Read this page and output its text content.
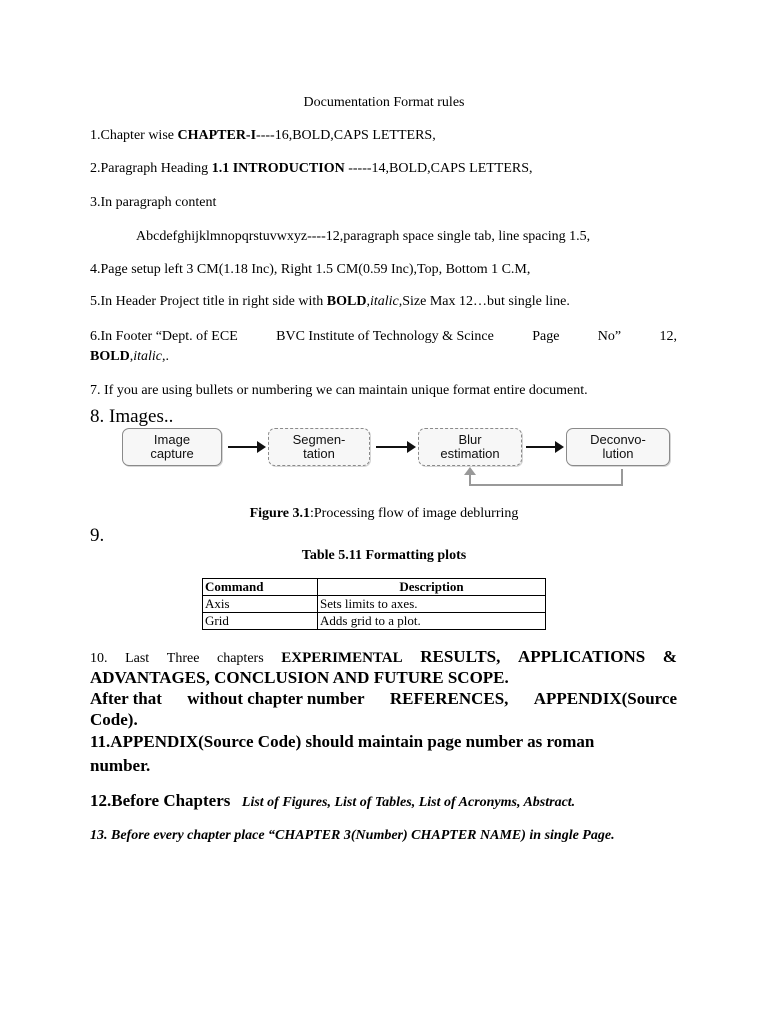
Documentation Format rules
1.Chapter wise CHAPTER-I----16,BOLD,CAPS LETTERS,
2.Paragraph Heading 1.1 INTRODUCTION -----14,BOLD,CAPS LETTERS,
3.In paragraph content
Abcdefghijklmnopqrstuvwxyz----12,paragraph space single tab, line spacing 1.5,
4.Page setup left 3 CM(1.18 Inc), Right 1.5 CM(0.59 Inc),Top, Bottom 1 C.M,
5.In Header Project title in right side with BOLD,italic,Size Max 12…but single line.
6.In Footer “Dept. of ECE	BVC Institute of Technology & Scince	Page	No”	12,
BOLD,italic,.
7. If you are using bullets or numbering we can maintain unique format entire document.
8. Images..
Image
capture
Segmen-
tation
Blur
estimation
Deconvo-
lution
Figure 3.1:Processing flow of image deblurring
9.
Table 5.11 Formatting plots
Command	Description
Axis	Sets limits to axes.
Grid	Adds grid to a plot.
10. Last Three chapters EXPERIMENTAL RESULTS, APPLICATIONS &
ADVANTAGES, CONCLUSION AND FUTURE SCOPE.
After that without chapter number REFERENCES, APPENDIX(Source
Code).
11.APPENDIX(Source Code) should maintain page number as roman
number.
12.Before Chapters List of Figures, List of Tables, List of Acronyms, Abstract.
13. Before every chapter place “CHAPTER 3(Number) CHAPTER NAME) in single Page.
